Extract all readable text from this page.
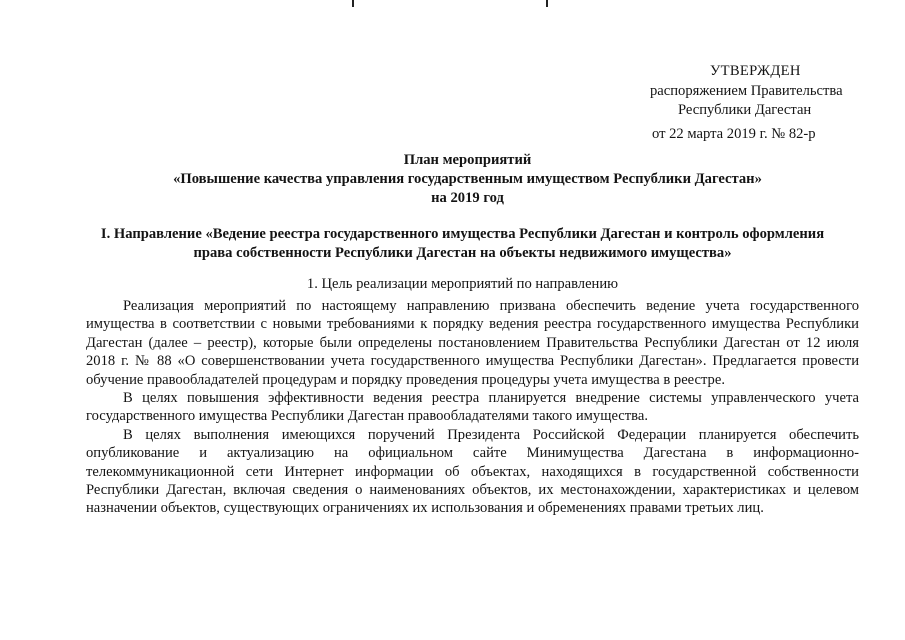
УТВЕРЖДЕН
распоряжением Правительства
Республики Дагестан
от 22 марта 2019 г. № 82-р
План мероприятий
«Повышение качества управления государственным имуществом Республики Дагестан»
на 2019 год
I. Направление «Ведение реестра государственного имущества Республики Дагестан и контроль оформления
права собственности Республики Дагестан на объекты недвижимого имущества»
1. Цель реализации мероприятий по направлению

Реализация мероприятий по настоящему направлению призвана обеспечить ведение учета государственного имущества в соответствии с новыми требованиями к порядку ведения реестра государственного имущества Республики Дагестан (далее – реестр), которые были определены постановлением Правительства Республики Дагестан от 12 июля 2018 г. № 88 «О совершенствовании учета государственного имущества Республики Дагестан». Предлагается провести обучение правообладателей процедурам и порядку проведения процедуры учета имущества в реестре.

В целях повышения эффективности ведения реестра планируется внедрение системы управленческого учета государственного имущества Республики Дагестан правообладателями такого имущества.

В целях выполнения имеющихся поручений Президента Российской Федерации планируется обеспечить опубликование и актуализацию на официальном сайте Минимущества Дагестана в информационно-телекоммуникационной сети Интернет информации об объектах, находящихся в государственной собственности Республики Дагестан, включая сведения о наименованиях объектов, их местонахождении, характеристиках и целевом назначении объектов, существующих ограничениях их использования и обременениях правами третьих лиц.
